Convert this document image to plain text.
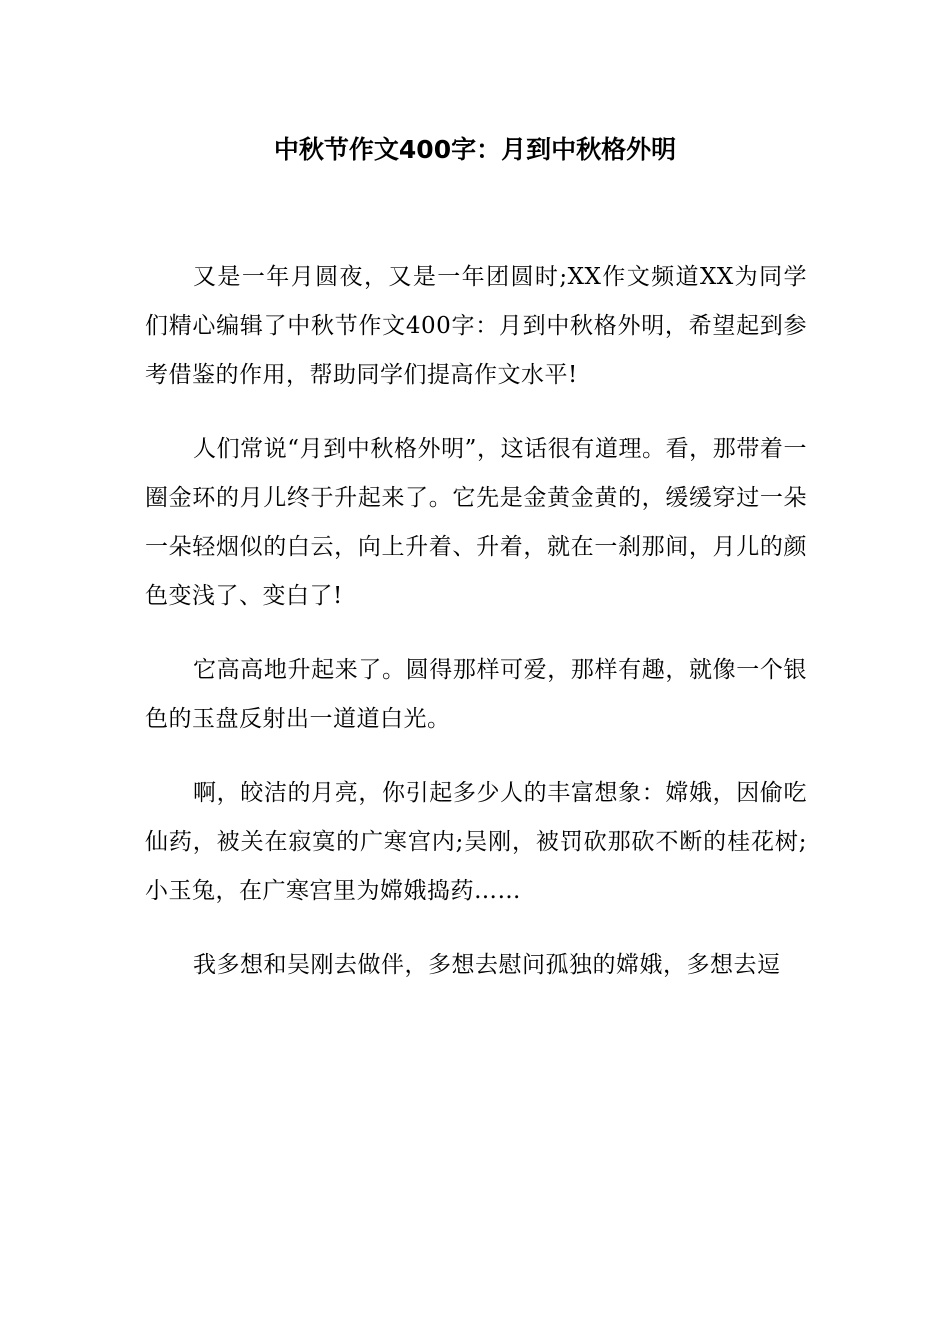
中秋节作文400字：月到中秋格外明

又是一年月圆夜，又是一年团圆时;XX作文频道XX为同学们精心编辑了中秋节作文400字：月到中秋格外明，希望起到参考借鉴的作用，帮助同学们提高作文水平!

人们常说“月到中秋格外明”，这话很有道理。看，那带着一圈金环的月儿终于升起来了。它先是金黄金黄的，缓缓穿过一朵一朵轻烟似的白云，向上升着、升着，就在一刹那间，月儿的颜色变浅了、变白了!

它高高地升起来了。圆得那样可爱，那样有趣，就像一个银色的玉盘反射出一道道白光。

啊，皎洁的月亮，你引起多少人的丰富想象：嫦娥，因偷吃仙药，被关在寂寞的广寒宫内;吴刚，被罚砍那砍不断的桂花树;小玉兔，在广寒宫里为嫦娥捣药……

我多想和吴刚去做伴，多想去慰问孤独的嫦娥，多想去逗
